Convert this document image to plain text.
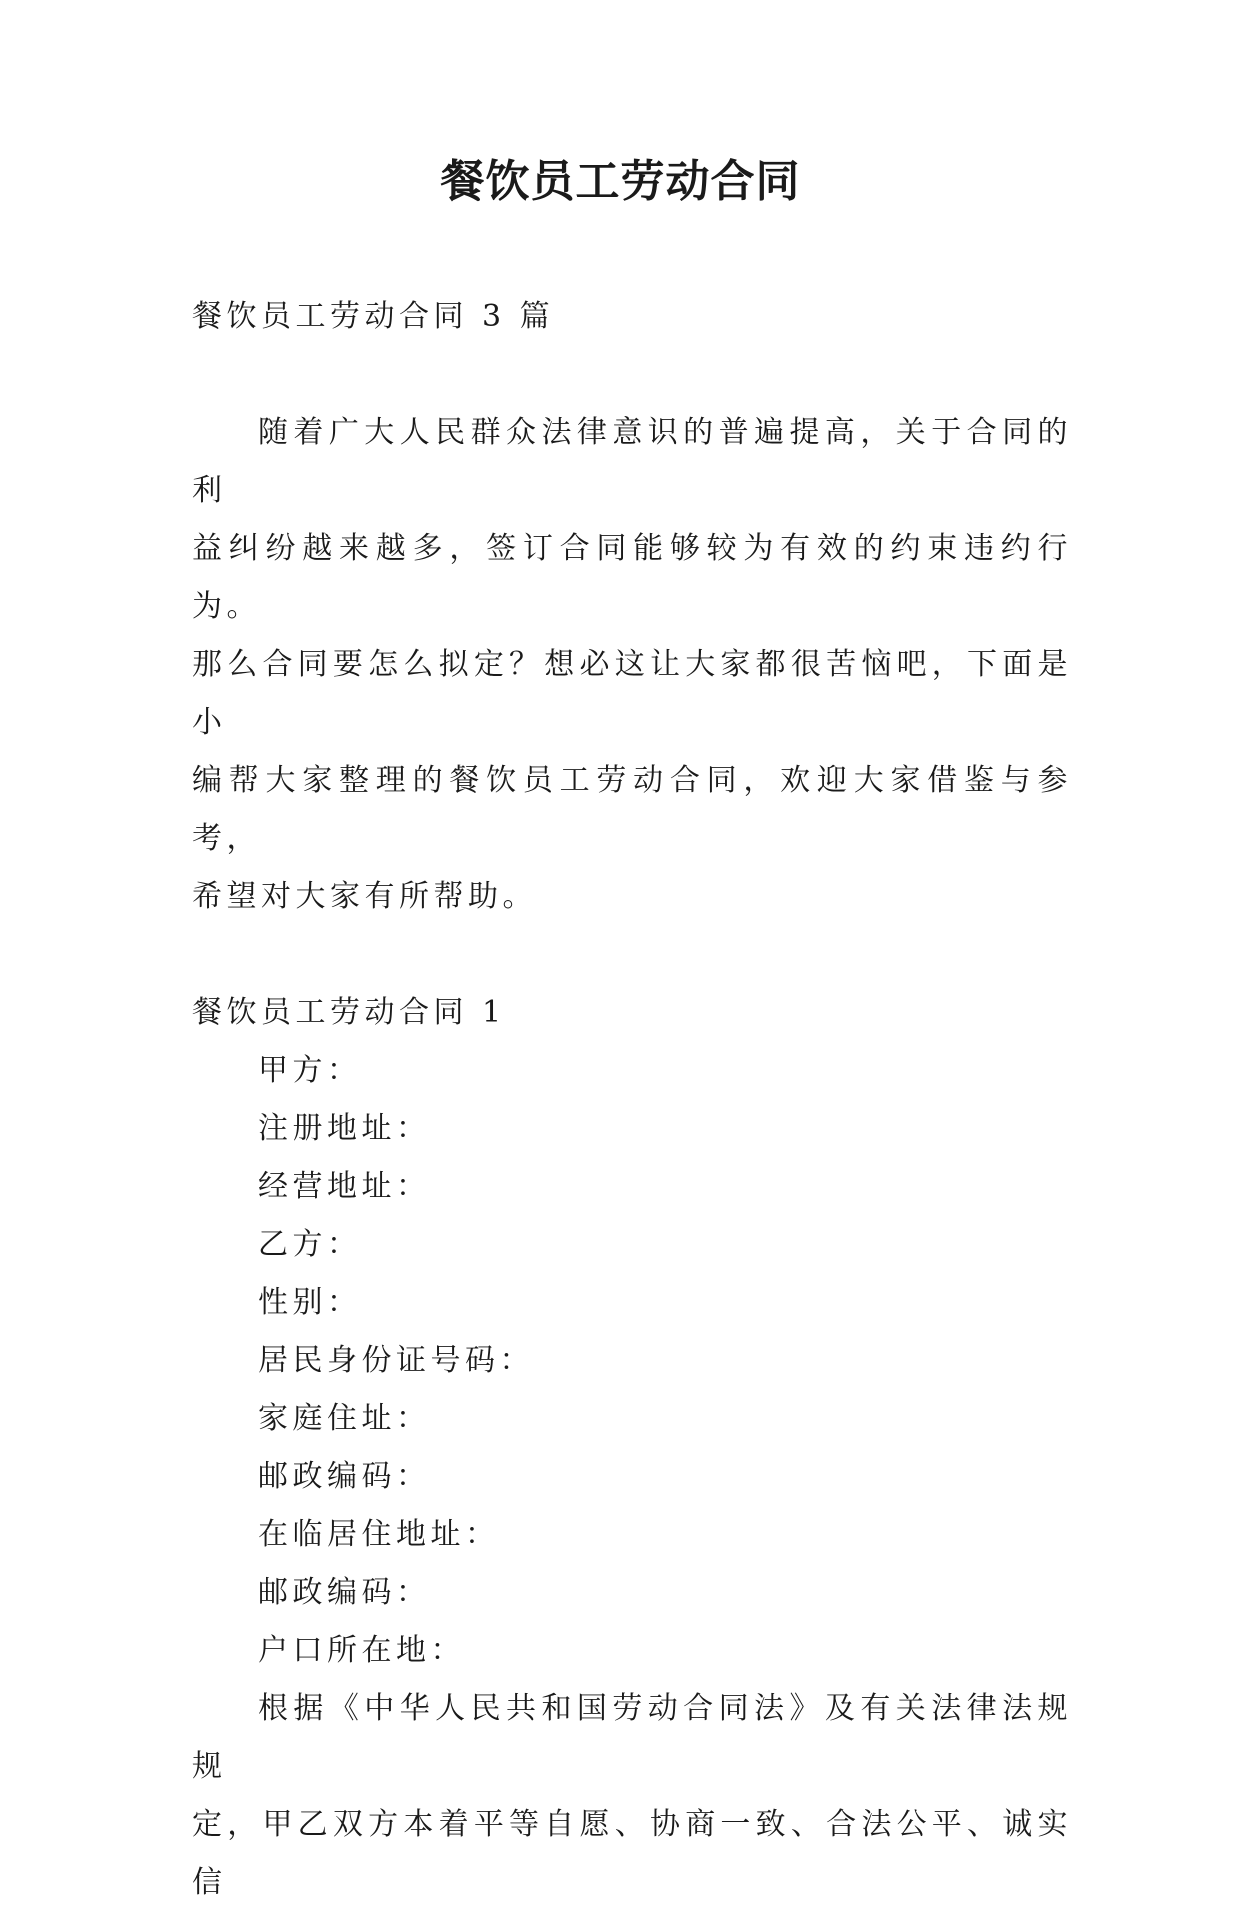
餐饮员工劳动合同

餐饮员工劳动合同 3 篇

随着广大人民群众法律意识的普遍提高，关于合同的利
益纠纷越来越多，签订合同能够较为有效的约束违约行为。
那么合同要怎么拟定？想必这让大家都很苦恼吧，下面是小
编帮大家整理的餐饮员工劳动合同，欢迎大家借鉴与参考，
希望对大家有所帮助。

餐饮员工劳动合同 1

甲方：

注册地址：

经营地址：

乙方：

性别：

居民身份证号码：

家庭住址：

邮政编码：

在临居住地址：

邮政编码：

户口所在地：

根据《中华人民共和国劳动合同法》及有关法律法规规
定，甲乙双方本着平等自愿、协商一致、合法公平、诚实信
